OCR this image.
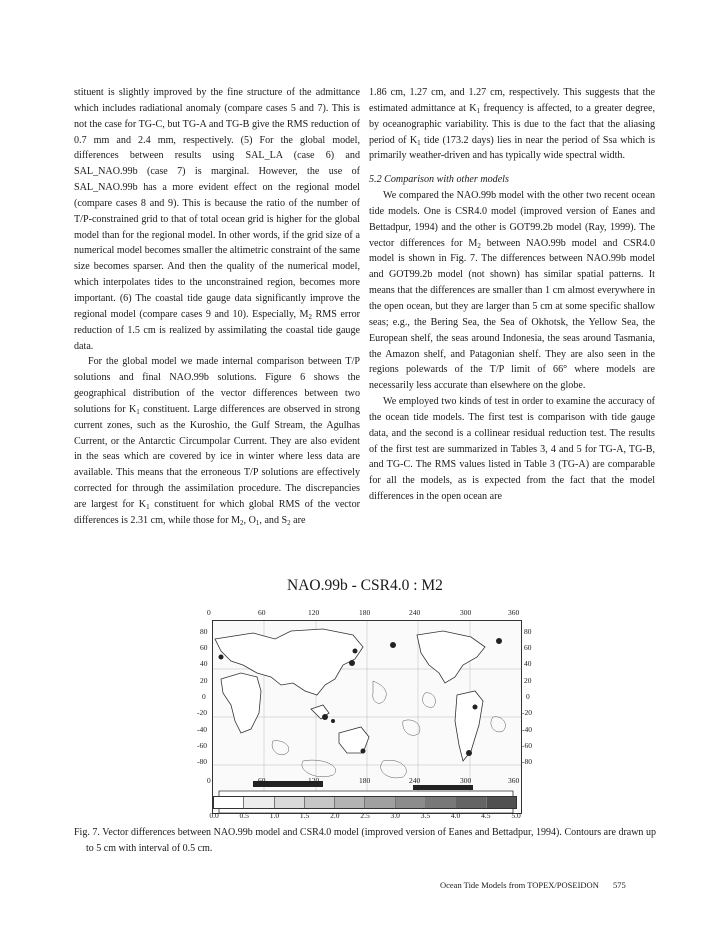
stituent is slightly improved by the fine structure of the admittance which includes radiational anomaly (compare cases 5 and 7). This is not the case for TG-C, but TG-A and TG-B give the RMS reduction of 0.7 mm and 2.4 mm, respectively. (5) For the global model, differences between results using SAL_LA (case 6) and SAL_NAO.99b (case 7) is marginal. However, the use of SAL_NAO.99b has a more evident effect on the regional model (compare cases 8 and 9). This is because the ratio of the number of T/P-constrained grid to that of total ocean grid is higher for the global model than for the regional model. In other words, if the grid size of a numerical model becomes smaller the altimetric constraint of the same size becomes sparser. And then the quality of the numerical model, which interpolates tides to the unconstrained region, becomes more important. (6) The coastal tide gauge data significantly improve the regional model (compare cases 9 and 10). Especially, $M_2$ RMS error reduction of 1.5 cm is realized by assimilating the coastal tide gauge data.

For the global model we made internal comparison between T/P solutions and final NAO.99b solutions. Figure 6 shows the geographical distribution of the vector differences between two solutions for $K_1$ constituent. Large differences are observed in strong current zones, such as the Kuroshio, the Gulf Stream, the Agulhas Current, or the Antarctic Circumpolar Current. They are also evident in the seas which are covered by ice in winter where less data are available. This means that the erroneous T/P solutions are effectively corrected for through the assimilation procedure. The discrepancies are largest for $K_1$ constituent for which global RMS of the vector differences is 2.31 cm, while those for $M_2$, $O_1$, and $S_2$ are

1.86 cm, 1.27 cm, and 1.27 cm, respectively. This suggests that the estimated admittance at $K_1$ frequency is affected, to a greater degree, by oceanographic variability. This is due to the fact that the aliasing period of $K_1$ tide (173.2 days) lies in near the period of Ssa which is primarily weather-driven and has typically wide spectral width.

5.2 Comparison with other models

We compared the NAO.99b model with the other two recent ocean tide models. One is CSR4.0 model (improved version of Eanes and Bettadpur, 1994) and the other is GOT99.2b model (Ray, 1999). The vector differences for $M_2$ between NAO.99b model and CSR4.0 model is shown in Fig. 7. The differences between NAO.99b model and GOT99.2b model (not shown) has similar spatial patterns. It means that the differences are smaller than 1 cm almost everywhere in the open ocean, but they are larger than 5 cm at some specific shallow seas; e.g., the Bering Sea, the Sea of Okhotsk, the Yellow Sea, the European shelf, the seas around Indonesia, the seas around Tasmania, the Amazon shelf, and Patagonian shelf. They are also seen in the regions polewards of the T/P limit of 66° where models are necessarily less accurate than elsewhere on the globe.

We employed two kinds of test in order to examine the accuracy of the ocean tide models. The first test is comparison with tide gauge data, and the second is a collinear residual reduction test. The results of the first test are summarized in Tables 3, 4 and 5 for TG-A, TG-B, and TG-C. The RMS values listed in Table 3 (TG-A) are comparable for all the models, as is expected from the fact that the model differences in the open ocean are

NAO.99b - CSR4.0 : M2
0	60	120	180	240	300	360
80
60
40
20
0
-20
-40
-60
-80
80
60
40
20
0
-20
-40
-60
-80
0	60	120	180	240	300	360
0.0	0.5	1.0	1.5	2.0	2.5	3.0	3.5	4.0	4.5	5.0
Fig. 7. Vector differences between NAO.99b model and CSR4.0 model (improved version of Eanes and Bettadpur, 1994). Contours are drawn up to 5 cm with interval of 0.5 cm.
Ocean Tide Models from TOPEX/POSEIDON 575
